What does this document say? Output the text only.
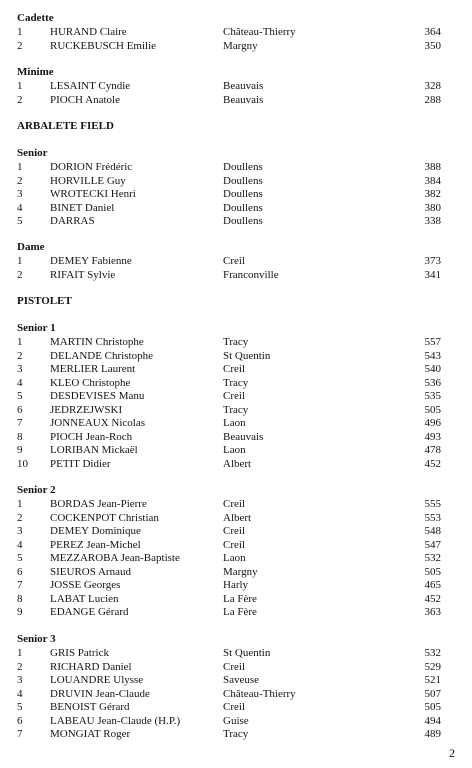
2
Cadette
1	HURAND Claire	Château-Thierry	364
2	RUCKEBUSCH Emilie	Margny	350
Minime
1	LESAINT Cyndie	Beauvais	328
2	PIOCH Anatole	Beauvais	288
ARBALETE FIELD
Senior
1	DORION Frédéric	Doullens	388
2	HORVILLE Guy	Doullens	384
3	WROTECKI Henri	Doullens	382
4	BINET Daniel	Doullens	380
5	DARRAS	Doullens	338
Dame
1	DEMEY Fabienne	Creil	373
2	RIFAIT Sylvie	Franconville	341
PISTOLET
Senior 1
1	MARTIN Christophe	Tracy	557
2	DELANDE Christophe	St Quentin	543
3	MERLIER Laurent	Creil	540
4	KLEO Christophe	Tracy	536
5	DESDEVISES Manu	Creil	535
6	JEDRZEJWSKI	Tracy	505
7	JONNEAUX Nicolas	Laon	496
8	PIOCH Jean-Roch	Beauvais	493
9	LORIBAN Mickaël	Laon	478
10 PETIT Didier	Albert	452
Senior 2
1	BORDAS Jean-Pierre	Creil	555
2	COCKENPOT Christian	Albert	553
3	DEMEY Dominique	Creil	548
4	PEREZ Jean-Michel	Creil	547
5	MEZZAROBA Jean-Baptiste	Laon	532
6	SIEUROS Arnaud	Margny	505
7	JOSSE Georges	Harly	465
8	LABAT Lucien	La Fère	452
9	EDANGE Gérard	La Fère	363
Senior 3
1	GRIS Patrick	St Quentin	532
2	RICHARD Daniel	Creil	529
3	LOUANDRE Ulysse	Saveuse	521
4	DRUVIN Jean-Claude	Château-Thierry	507
5	BENOIST Gérard	Creil	505
6	LABEAU Jean-Claude (H.P.)	Guise	494
7	MONGIAT Roger	Tracy	489
